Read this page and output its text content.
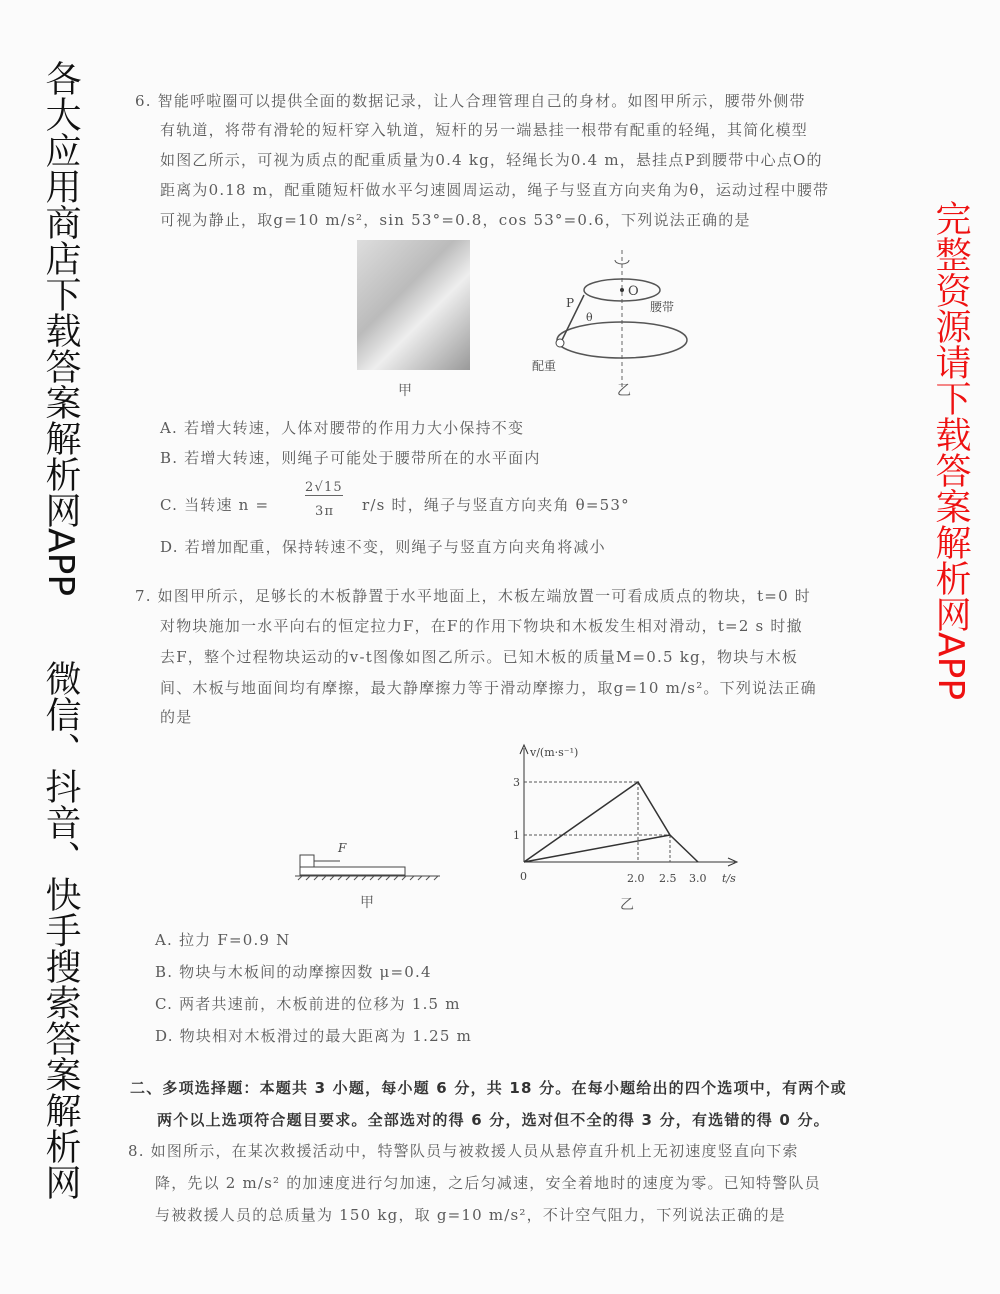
6. 智能呼啦圈可以提供全面的数据记录，让人合理管理自己的身材。如图甲所示，腰带外侧带
有轨道，将带有滑轮的短杆穿入轨道，短杆的另一端悬挂一根带有配重的轻绳，其简化模型
如图乙所示，可视为质点的配重质量为0.4 kg，轻绳长为0.4 m，悬挂点P到腰带中心点O的
距离为0.18 m，配重随短杆做水平匀速圆周运动，绳子与竖直方向夹角为θ，运动过程中腰带
可视为静止，取g=10 m/s²，sin 53°=0.8，cos 53°=0.6，下列说法正确的是
甲
O
P
θ
腰带
配重
乙
A. 若增大转速，人体对腰带的作用力大小保持不变
B. 若增大转速，则绳子可能处于腰带所在的水平面内
C. 当转速 n =
2√15
3π r/s 时，绳子与竖直方向夹角 θ=53°
D. 若增加配重，保持转速不变，则绳子与竖直方向夹角将减小
7. 如图甲所示，足够长的木板静置于水平地面上，木板左端放置一可看成质点的物块，t=0 时
对物块施加一水平向右的恒定拉力F，在F的作用下物块和木板发生相对滑动，t=2 s 时撤
去F，整个过程物块运动的v-t图像如图乙所示。已知木板的质量M=0.5 kg，物块与木板
间、木板与地面间均有摩擦，最大静摩擦力等于滑动摩擦力，取g=10 m/s²。下列说法正确
的是
F
甲
v/(m·s⁻¹)
t/s
3
1
0	2.0 2.5 3.0
乙
A. 拉力 F=0.9 N
B. 物块与木板间的动摩擦因数 μ=0.4
C. 两者共速前，木板前进的位移为 1.5 m
D. 物块相对木板滑过的最大距离为 1.25 m
二、多项选择题：本题共 3 小题，每小题 6 分，共 18 分。在每小题给出的四个选项中，有两个或
两个以上选项符合题目要求。全部选对的得 6 分，选对但不全的得 3 分，有选错的得 0 分。
8. 如图所示，在某次救援活动中，特警队员与被救援人员从悬停直升机上无初速度竖直向下索
降，先以 2 m/s² 的加速度进行匀加速，之后匀减速，安全着地时的速度为零。已知特警队员
与被救援人员的总质量为 150 kg，取 g=10 m/s²，不计空气阻力，下列说法正确的是
各大应用商店下载答案解析网APP	完整资源请下载答案解析网APP
微信、抖音、快手搜索答案解析网
